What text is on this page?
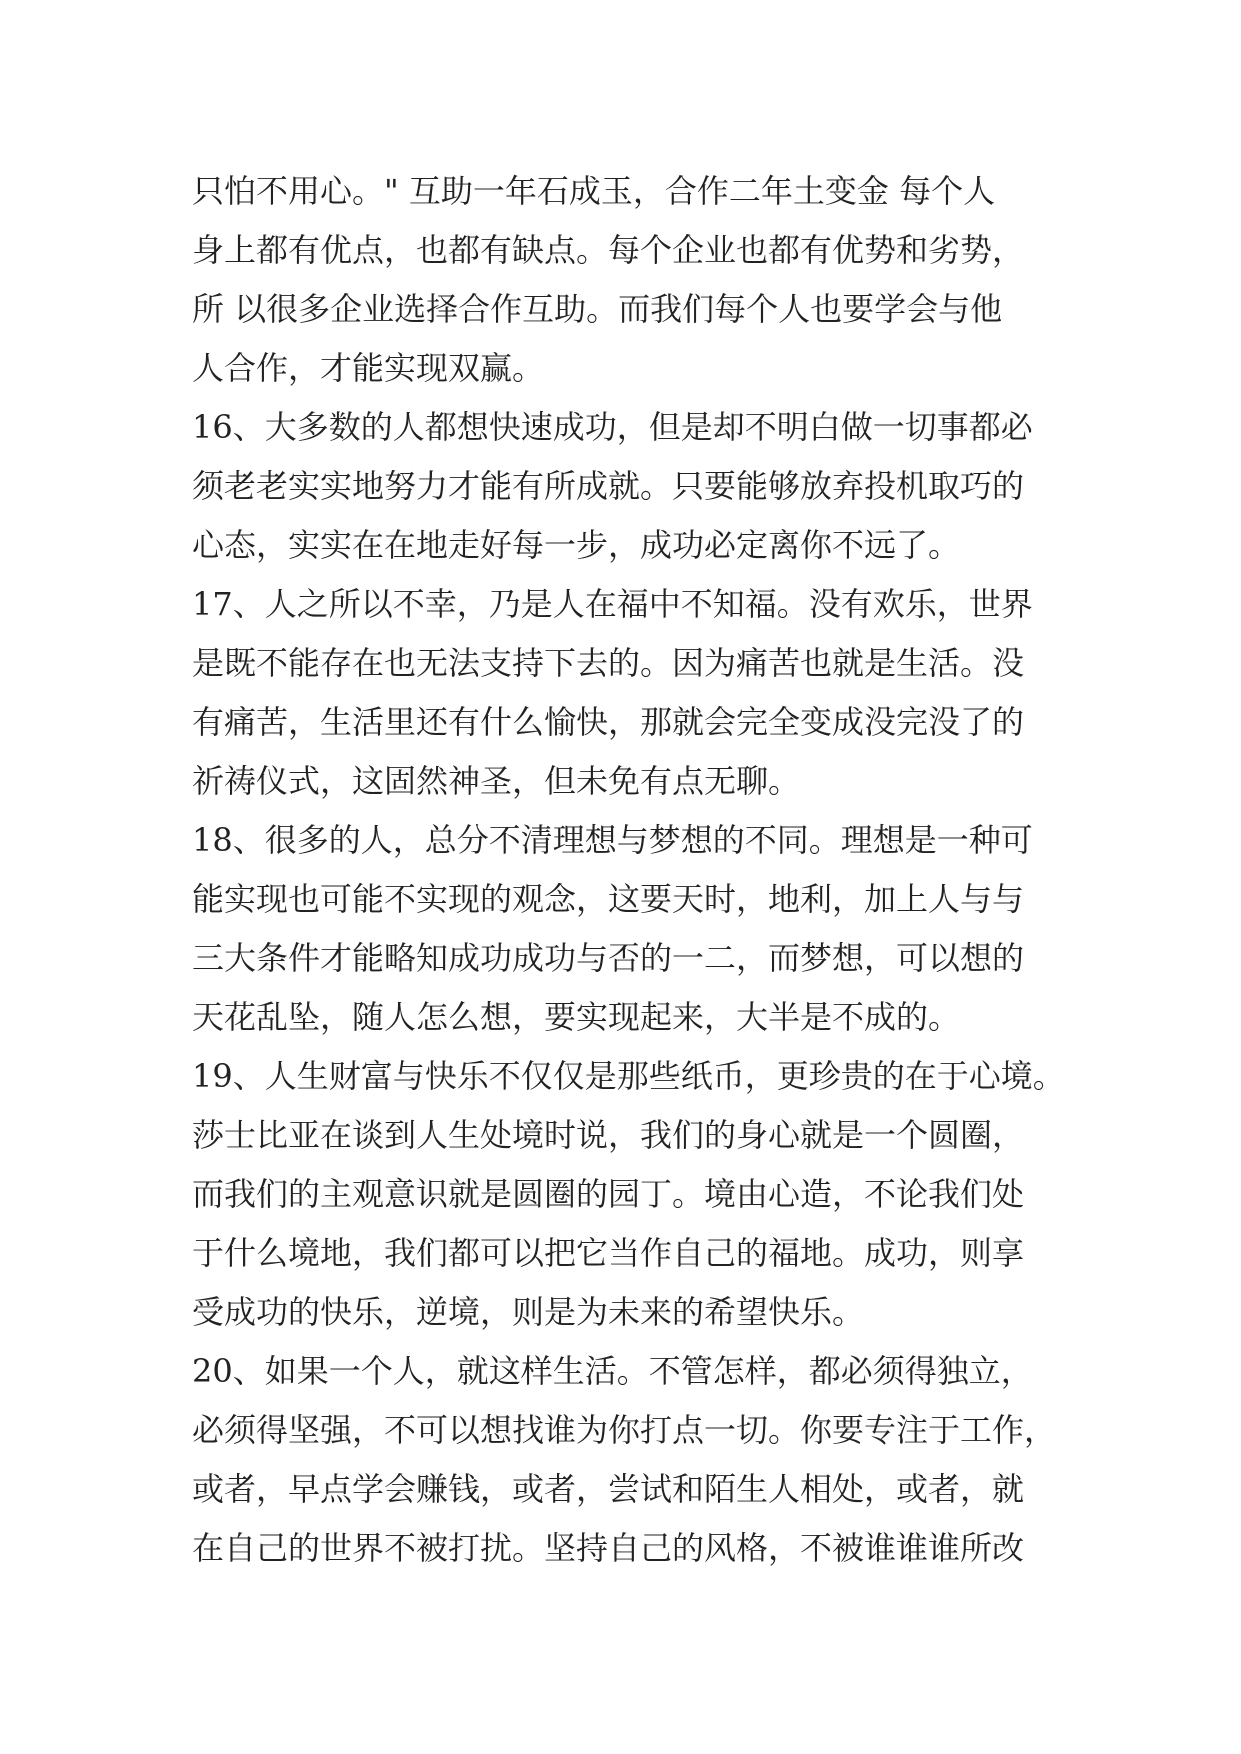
只怕不用心。" 互助一年石成玉，合作二年土变金 每个人
身上都有优点，也都有缺点。每个企业也都有优势和劣势，
所 以很多企业选择合作互助。而我们每个人也要学会与他
人合作，才能实现双赢。
16、大多数的人都想快速成功，但是却不明白做一切事都必
须老老实实地努力才能有所成就。只要能够放弃投机取巧的
心态，实实在在地走好每一步，成功必定离你不远了。
17、人之所以不幸，乃是人在福中不知福。没有欢乐，世界
是既不能存在也无法支持下去的。因为痛苦也就是生活。没
有痛苦，生活里还有什么愉快，那就会完全变成没完没了的
祈祷仪式，这固然神圣，但未免有点无聊。
18、很多的人，总分不清理想与梦想的不同。理想是一种可
能实现也可能不实现的观念，这要天时，地利，加上人与与
三大条件才能略知成功成功与否的一二，而梦想，可以想的
天花乱坠，随人怎么想，要实现起来，大半是不成的。
19、人生财富与快乐不仅仅是那些纸币，更珍贵的在于心境。
莎士比亚在谈到人生处境时说，我们的身心就是一个圆圈，
而我们的主观意识就是圆圈的园丁。境由心造，不论我们处
于什么境地，我们都可以把它当作自己的福地。成功，则享
受成功的快乐，逆境，则是为未来的希望快乐。
20、如果一个人，就这样生活。不管怎样，都必须得独立，
必须得坚强，不可以想找谁为你打点一切。你要专注于工作，
或者，早点学会赚钱，或者，尝试和陌生人相处，或者，就
在自己的世界不被打扰。坚持自己的风格，不被谁谁谁所改
